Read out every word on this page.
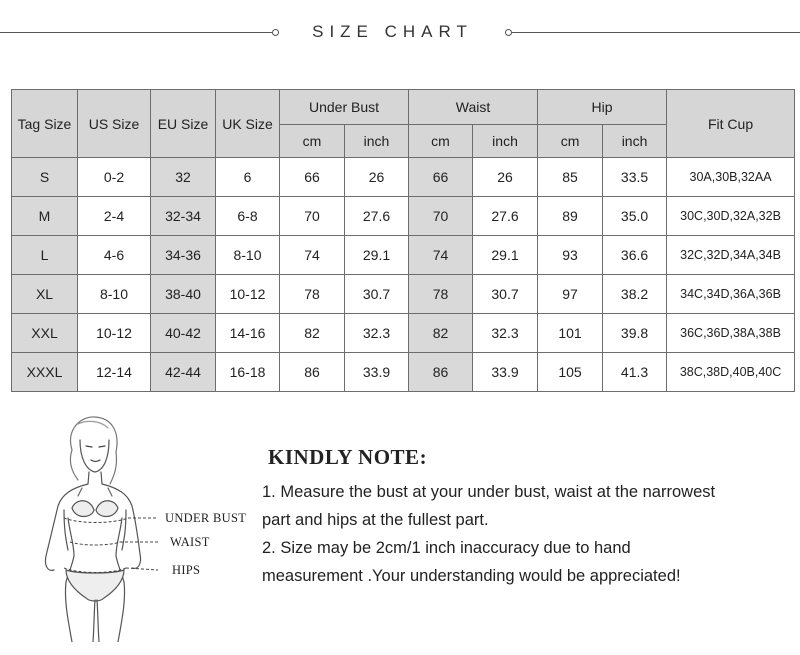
SIZE CHART
Tag Size	US Size	EU Size	UK Size	Under Bust		Waist		Hip		Fit Cup
				cm	inch	cm	inch	cm	inch	
S	0-2	32	6	66	26	66	26	85	33.5	30A,30B,32AA
M	2-4	32-34	6-8	70	27.6	70	27.6	89	35.0	30C,30D,32A,32B
L	4-6	34-36	8-10	74	29.1	74	29.1	93	36.6	32C,32D,34A,34B
XL	8-10	38-40	10-12	78	30.7	78	30.7	97	38.2	34C,34D,36A,36B
XXL	10-12	40-42	14-16	82	32.3	82	32.3	101	39.8	36C,36D,38A,38B
XXXL	12-14	42-44	16-18	86	33.9	86	33.9	105	41.3	38C,38D,40B,40C
UNDER BUST
WAIST
HIPS
KINDLY NOTE:
1. Measure the bust at your under bust, waist at the narrowest
part and hips at the fullest part.
2. Size may be 2cm/1 inch inaccuracy due to hand
measurement .Your understanding would be appreciated!
